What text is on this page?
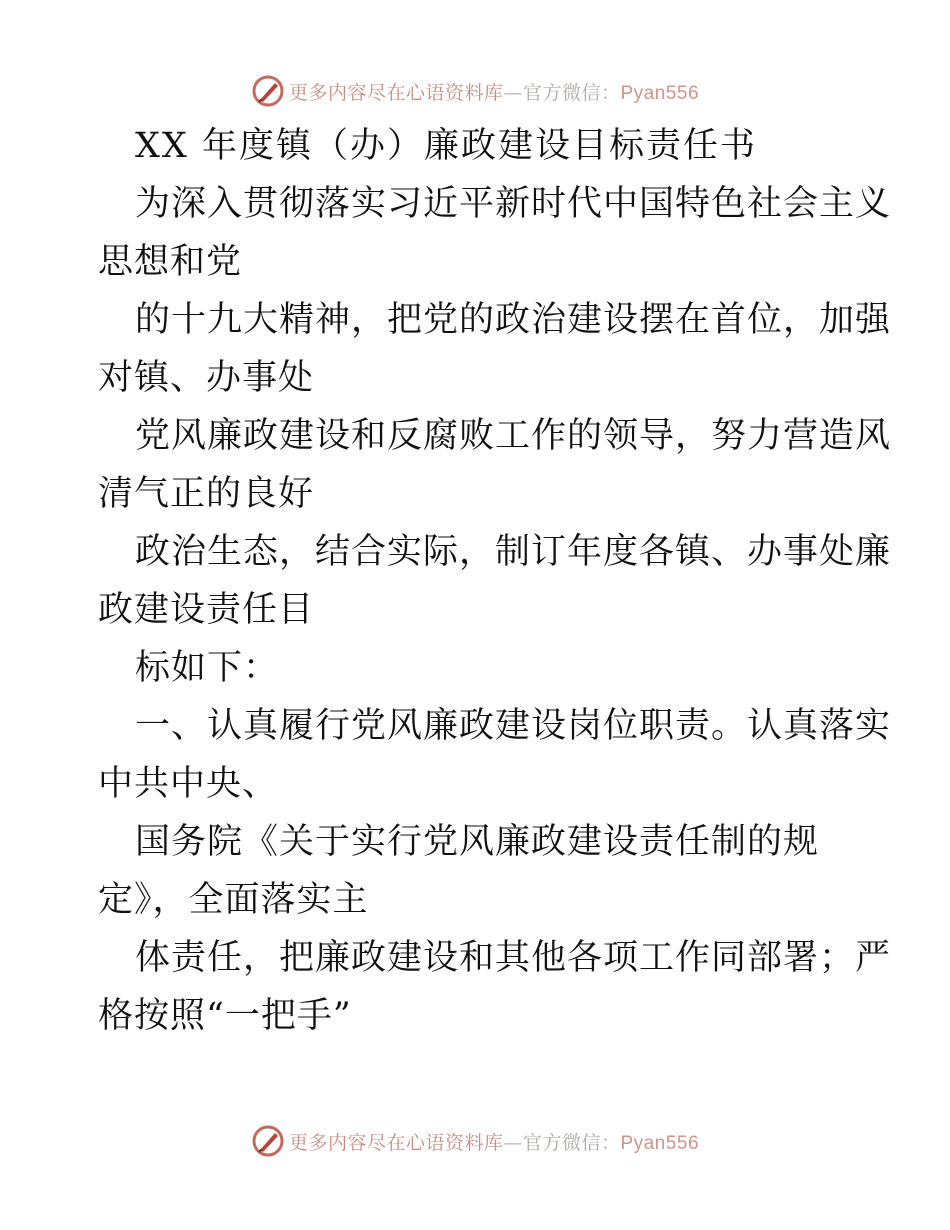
更多内容尽在心语资料库—官方微信：Pyan556
XX 年度镇（办）廉政建设目标责任书
为深入贯彻落实习近平新时代中国特色社会主义
思想和党
的十九大精神，把党的政治建设摆在首位，加强
对镇、办事处
党风廉政建设和反腐败工作的领导，努力营造风
清气正的良好
政治生态，结合实际，制订年度各镇、办事处廉
政建设责任目
标如下：
一、认真履行党风廉政建设岗位职责。认真落实
中共中央、
国务院《关于实行党风廉政建设责任制的规
定》，全面落实主
体责任，把廉政建设和其他各项工作同部署；严
格按照“一把手”
更多内容尽在心语资料库—官方微信：Pyan556
